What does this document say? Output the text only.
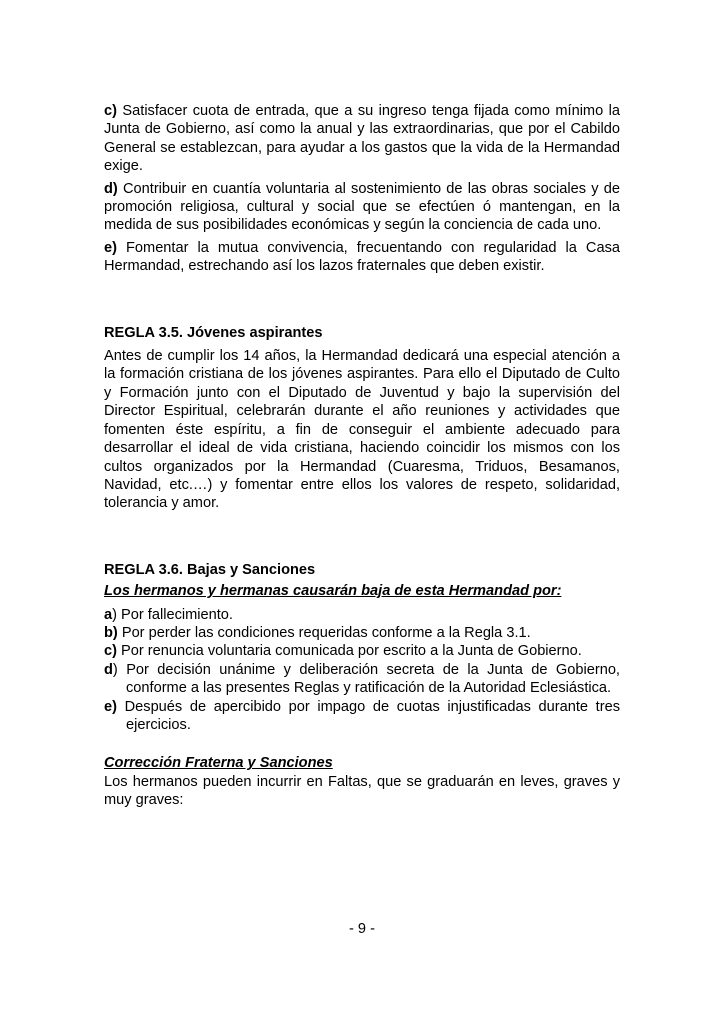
c) Satisfacer cuota de entrada, que a su ingreso tenga fijada como mínimo la Junta de Gobierno, así como la anual y las extraordinarias, que por el Cabildo General se establezcan, para ayudar a los gastos que la vida de la Hermandad exige.

d) Contribuir en cuantía voluntaria al sostenimiento de las obras sociales y de promoción religiosa, cultural y social que se efectúen ó mantengan, en la medida de sus posibilidades económicas y según la conciencia de cada uno.

e) Fomentar la mutua convivencia, frecuentando con regularidad la Casa Hermandad, estrechando así los lazos fraternales que deben existir.

REGLA 3.5. Jóvenes aspirantes

Antes de cumplir los 14 años, la Hermandad dedicará una especial atención a la formación cristiana de los jóvenes aspirantes. Para ello el Diputado de Culto y Formación junto con el Diputado de Juventud y bajo la supervisión del Director Espiritual, celebrarán durante el año reuniones y actividades que fomenten éste espíritu, a fin de conseguir el ambiente adecuado para desarrollar el ideal de vida cristiana, haciendo coincidir los mismos con los cultos organizados por la Hermandad (Cuaresma, Triduos, Besamanos, Navidad, etc.…) y fomentar entre ellos los valores de respeto, solidaridad, tolerancia y amor.

REGLA 3.6. Bajas y Sanciones

Los hermanos y hermanas causarán baja de esta Hermandad por:

a) Por fallecimiento.

b) Por perder las condiciones requeridas conforme a la Regla 3.1.

c) Por renuncia voluntaria comunicada por escrito a la Junta de Gobierno.

d) Por decisión unánime y deliberación secreta de la Junta de Gobierno, conforme a las presentes Reglas y ratificación de la Autoridad Eclesiástica.

e) Después de apercibido por impago de cuotas injustificadas durante tres ejercicios.

Corrección Fraterna y Sanciones

Los hermanos pueden incurrir en Faltas, que se graduarán en leves, graves y muy graves:

- 9 -
